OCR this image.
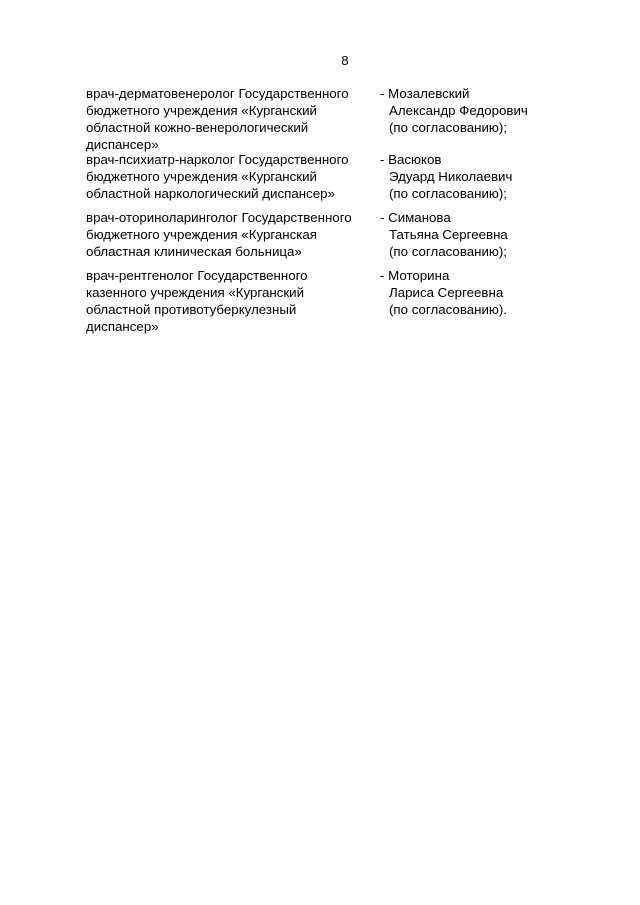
8
врач-дерматовенеролог Государственного
бюджетного учреждения «Курганский
областной кожно-венерологический
диспансер»
- Мозалевский
Александр Федорович
(по согласованию);
врач-психиатр-нарколог Государственного
бюджетного учреждения «Курганский
областной наркологический диспансер»
- Васюков
Эдуард Николаевич
(по согласованию);
врач-оториноларинголог Государственного
бюджетного учреждения «Курганская
областная клиническая больница»
- Симанова
Татьяна Сергеевна
(по согласованию);
врач-рентгенолог Государственного
казенного учреждения «Курганский
областной противотуберкулезный
диспансер»
- Моторина
Лариса Сергеевна
(по согласованию).
